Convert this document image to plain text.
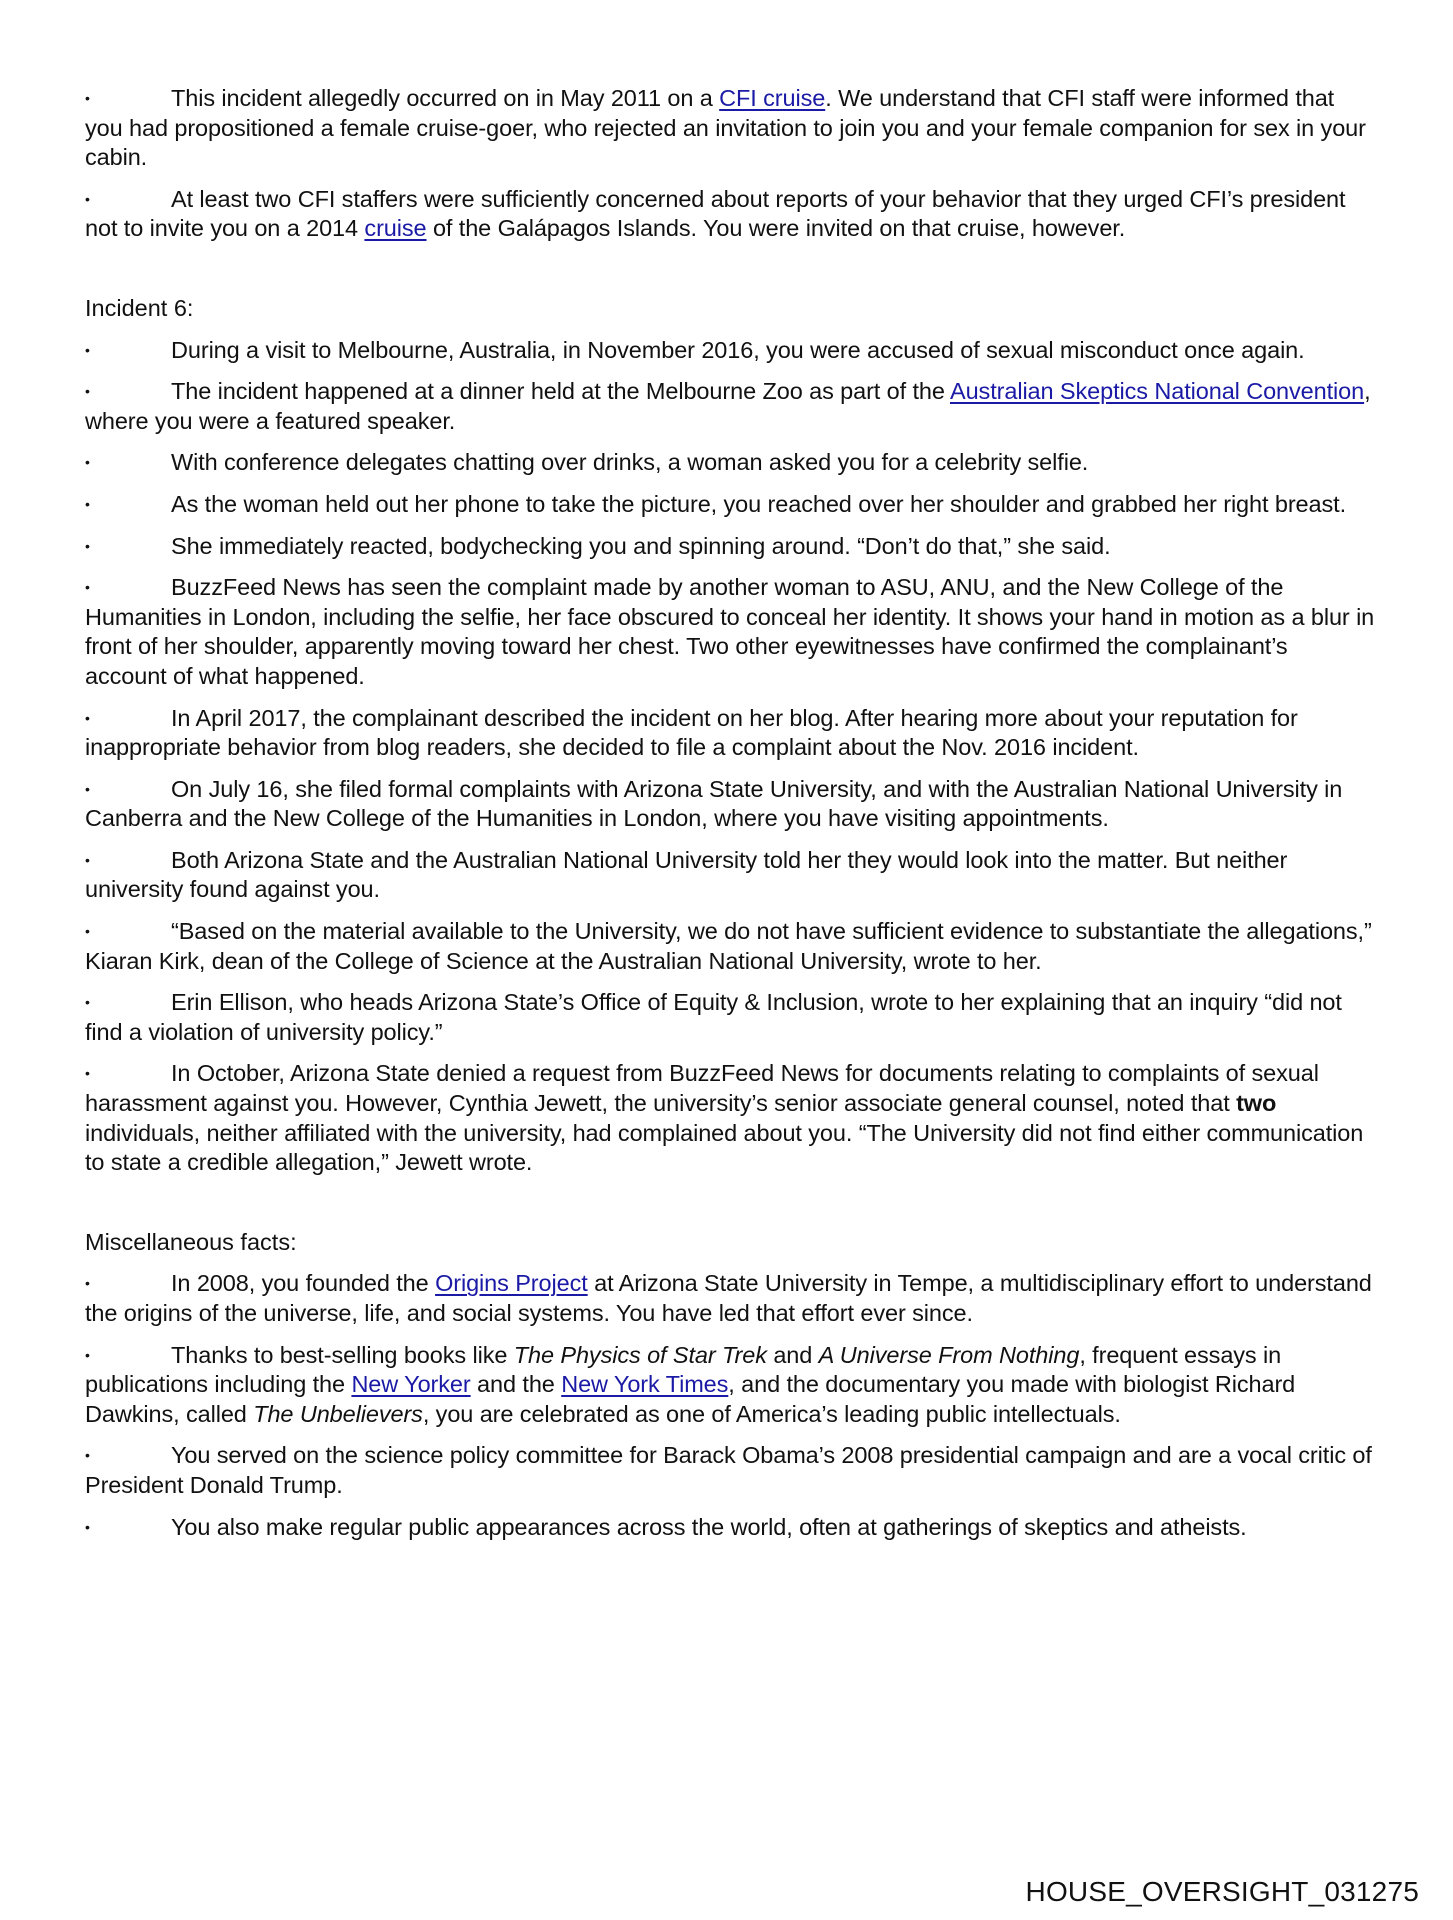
•	This incident allegedly occurred on in May 2011 on a CFI cruise. We understand that CFI staff were informed that you had propositioned a female cruise-goer, who rejected an invitation to join you and your female companion for sex in your cabin.

•	At least two CFI staffers were sufficiently concerned about reports of your behavior that they urged CFI’s president not to invite you on a 2014 cruise of the Galápagos Islands. You were invited on that cruise, however.

Incident 6:

•	During a visit to Melbourne, Australia, in November 2016, you were accused of sexual misconduct once again.

•	The incident happened at a dinner held at the Melbourne Zoo as part of the Australian Skeptics National Convention, where you were a featured speaker.

•	With conference delegates chatting over drinks, a woman asked you for a celebrity selfie.

•	As the woman held out her phone to take the picture, you reached over her shoulder and grabbed her right breast.

•	She immediately reacted, bodychecking you and spinning around. “Don’t do that,” she said.

•	BuzzFeed News has seen the complaint made by another woman to ASU, ANU, and the New College of the Humanities in London, including the selfie, her face obscured to conceal her identity. It shows your hand in motion as a blur in front of her shoulder, apparently moving toward her chest. Two other eyewitnesses have confirmed the complainant’s account of what happened.

•	In April 2017, the complainant described the incident on her blog. After hearing more about your reputation for inappropriate behavior from blog readers, she decided to file a complaint about the Nov. 2016 incident.

•	On July 16, she filed formal complaints with Arizona State University, and with the Australian National University in Canberra and the New College of the Humanities in London, where you have visiting appointments.

•	Both Arizona State and the Australian National University told her they would look into the matter. But neither university found against you.

•	“Based on the material available to the University, we do not have sufficient evidence to substantiate the allegations,” Kiaran Kirk, dean of the College of Science at the Australian National University, wrote to her.

•	Erin Ellison, who heads Arizona State’s Office of Equity & Inclusion, wrote to her explaining that an inquiry “did not find a violation of university policy.”

•	In October, Arizona State denied a request from BuzzFeed News for documents relating to complaints of sexual harassment against you. However, Cynthia Jewett, the university’s senior associate general counsel, noted that two individuals, neither affiliated with the university, had complained about you. “The University did not find either communication to state a credible allegation,” Jewett wrote.

Miscellaneous facts:

•	In 2008, you founded the Origins Project at Arizona State University in Tempe, a multidisciplinary effort to understand the origins of the universe, life, and social systems. You have led that effort ever since.

•	Thanks to best-selling books like The Physics of Star Trek and A Universe From Nothing, frequent essays in publications including the New Yorker and the New York Times, and the documentary you made with biologist Richard Dawkins, called The Unbelievers, you are celebrated as one of America’s leading public intellectuals.

•	You served on the science policy committee for Barack Obama’s 2008 presidential campaign and are a vocal critic of President Donald Trump.

•	You also make regular public appearances across the world, often at gatherings of skeptics and atheists.

HOUSE_OVERSIGHT_031275
